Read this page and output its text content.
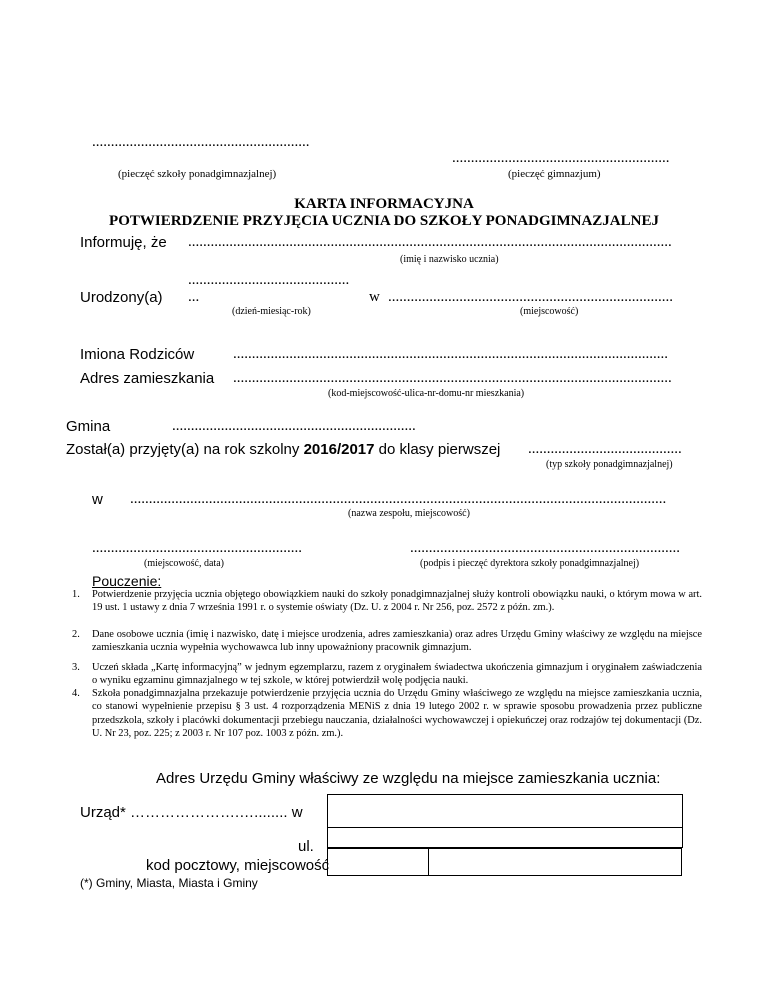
..........................................................
(pieczęć szkoły ponadgimnazjalnej)
..........................................................
(pieczęć gimnazjum)
KARTA INFORMACYJNA
POTWIERDZENIE PRZYJĘCIA UCZNIA DO SZKOŁY PONADGIMNAZJALNEJ
Informuję, że .................................................................................................................................
(imię i nazwisko ucznia)
...........................................
Urodzony(a) ...	w ............................................................................
(dzień-miesiąc-rok)	(miejscowość)
Imiona Rodziców	....................................................................................................................
Adres zamieszkania .....................................................................................................................
(kod-miejscowość-ulica-nr-domu-nr mieszkania)
Gmina	.................................................................
Został(a) przyjęty(a) na rok szkolny 2016/2017 do klasy pierwszej .........................................
(typ szkoły ponadgimnazjalnej)
w ...............................................................................................................................................
(nazwa zespołu, miejscowość)
........................................................
(miejscowość, data)
........................................................................
(podpis i pieczęć dyrektora szkoły ponadgimnazjalnej)
Pouczenie:
1. Potwierdzenie przyjęcia ucznia objętego obowiązkiem nauki do szkoły ponadgimnazjalnej służy kontroli obowiązku nauki, o którym mowa w art. 19 ust. 1 ustawy z dnia 7 września 1991 r. o systemie oświaty (Dz. U. z 2004 r. Nr 256, poz. 2572 z późn. zm.).
2. Dane osobowe ucznia (imię i nazwisko, datę i miejsce urodzenia, adres zamieszkania) oraz adres Urzędu Gminy właściwy ze względu na miejsce zamieszkania ucznia wypełnia wychowawca lub inny upoważniony pracownik gimnazjum.
3. Uczeń składa „Kartę informacyjną” w jednym egzemplarzu, razem z oryginałem świadectwa ukończenia gimnazjum i oryginałem zaświadczenia o wyniku egzaminu gimnazjalnego w tej szkole, w której potwierdził wolę podjęcia nauki.
4. Szkoła ponadgimnazjalna przekazuje potwierdzenie przyjęcia ucznia do Urzędu Gminy właściwego ze względu na miejsce zamieszkania ucznia, co stanowi wypełnienie przepisu § 3 ust. 4 rozporządzenia MENiS z dnia 19 lutego 2002 r. w sprawie sposobu prowadzenia przez publiczne przedszkola, szkoły i placówki dokumentacji przebiegu nauczania, działalności wychowawczej i opiekuńczej oraz rodzajów tej dokumentacji (Dz. U. Nr 23, poz. 225; z 2003 r. Nr 107 poz. 1003 z późn. zm.).
Adres Urzędu Gminy właściwy ze względu na miejsce zamieszkania ucznia:
Urząd* ………………….…........ w
ul.
kod pocztowy, miejscowość
(*) Gminy, Miasta, Miasta i Gminy
